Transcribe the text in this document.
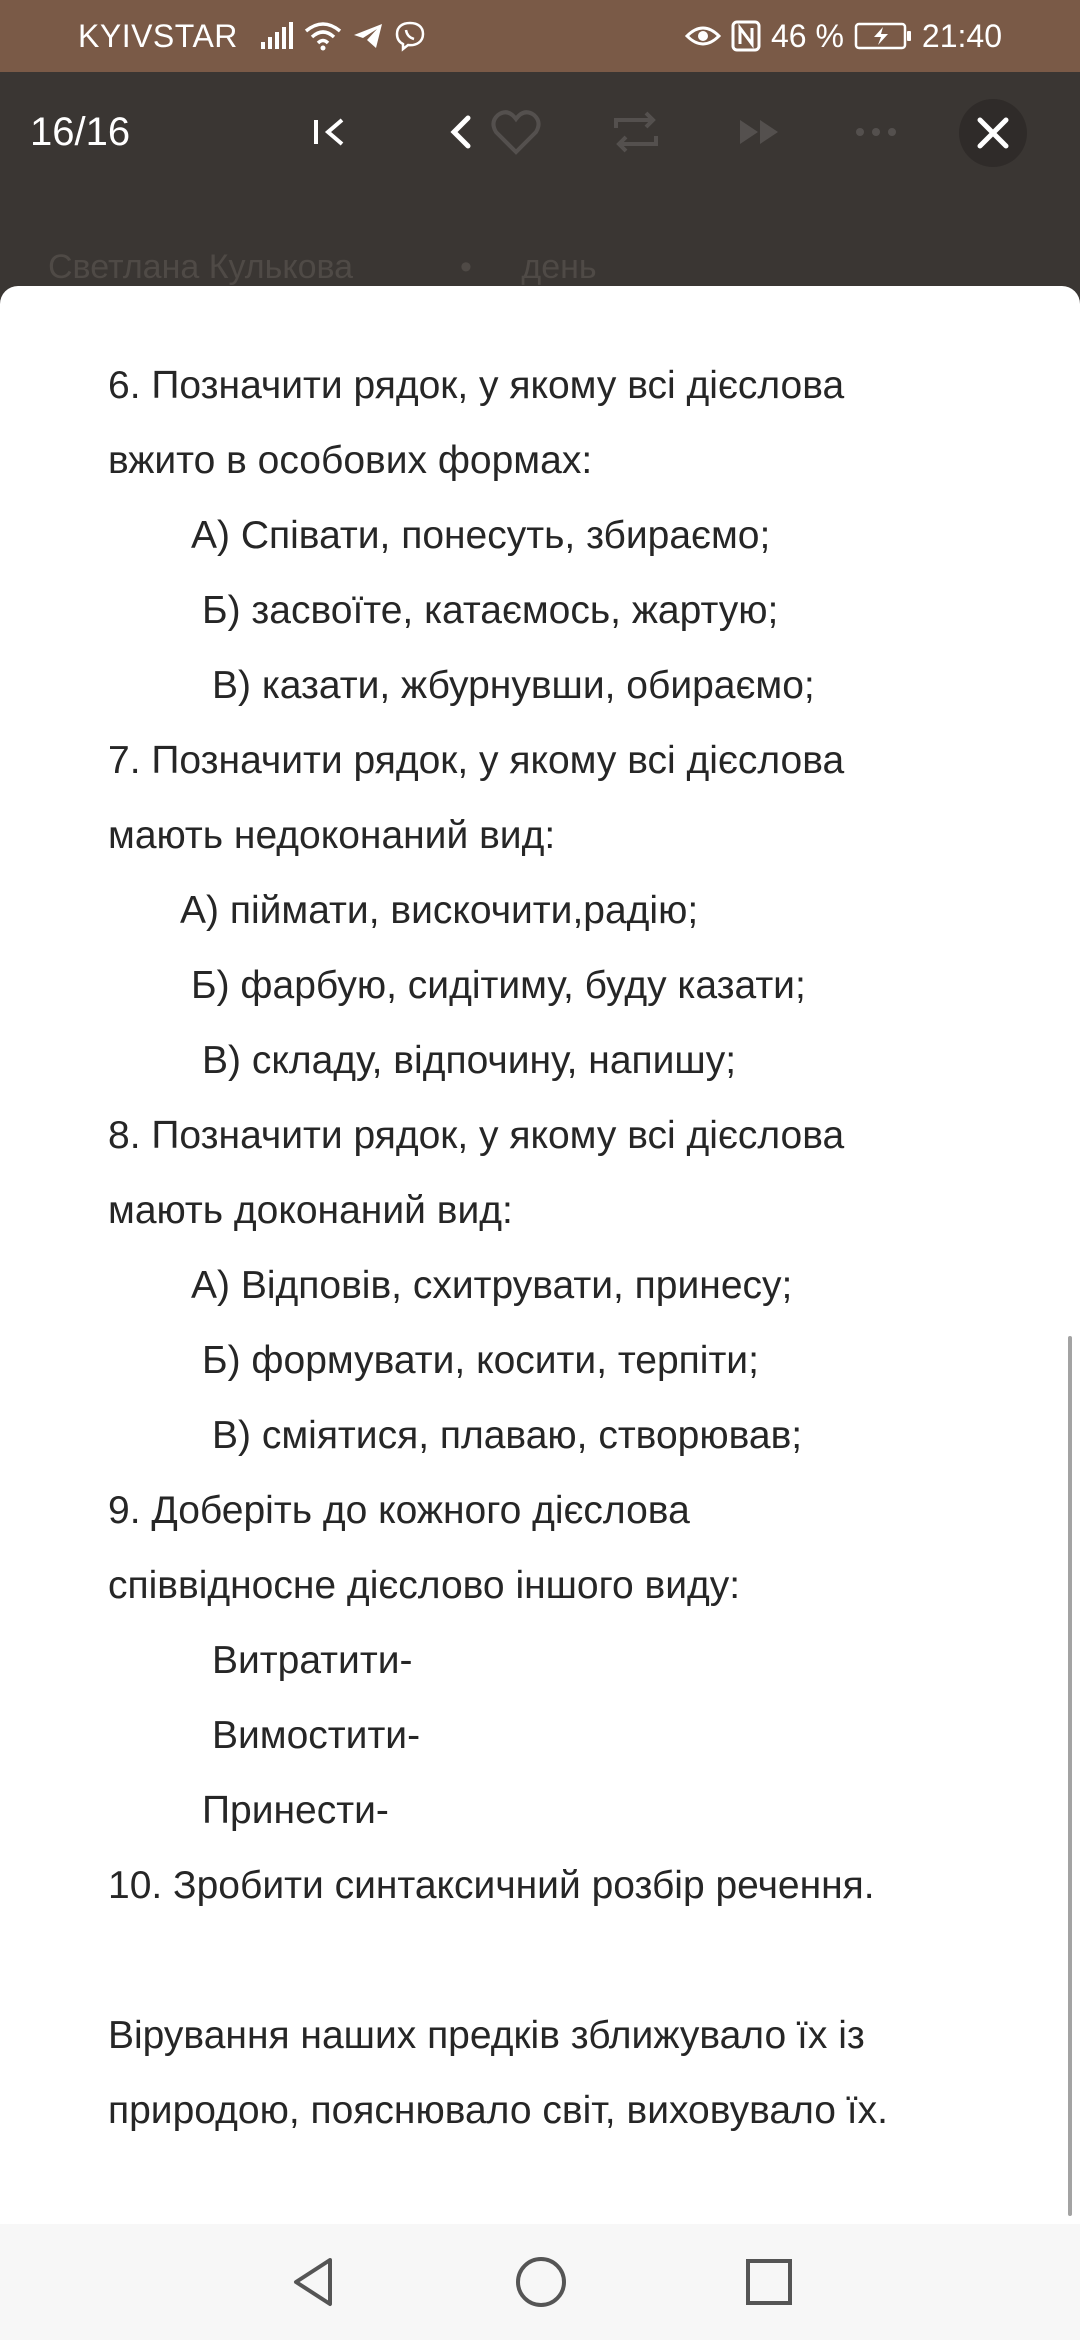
KYIVSTAR	46 % 21:40
16/16
Светлана Кулькова	• день
6. Позначити рядок, у якому всі дієслова
вжито в особових формах:
А) Співати, понесуть, збираємо;
Б) засвоїте, катаємось, жартую;
В) казати, жбурнувши, обираємо;
7. Позначити рядок, у якому всі дієслова
мають недоконаний вид:
А) піймати, вискочити,радію;
Б) фарбую, сидітиму, буду казати;
В) складу, відпочину, напишу;
8. Позначити рядок, у якому всі дієслова
мають доконаний вид:
А) Відповів, схитрувати, принесу;
Б) формувати, косити, терпіти;
В) сміятися, плаваю, створював;
9. Доберіть до кожного дієслова
співвідносне дієслово іншого виду:
Витратити-
Вимостити-
Принести-
10. Зробити синтаксичний розбір речення.
Вірування наших предків зближувало їх із
природою, пояснювало світ, виховувало їх.
